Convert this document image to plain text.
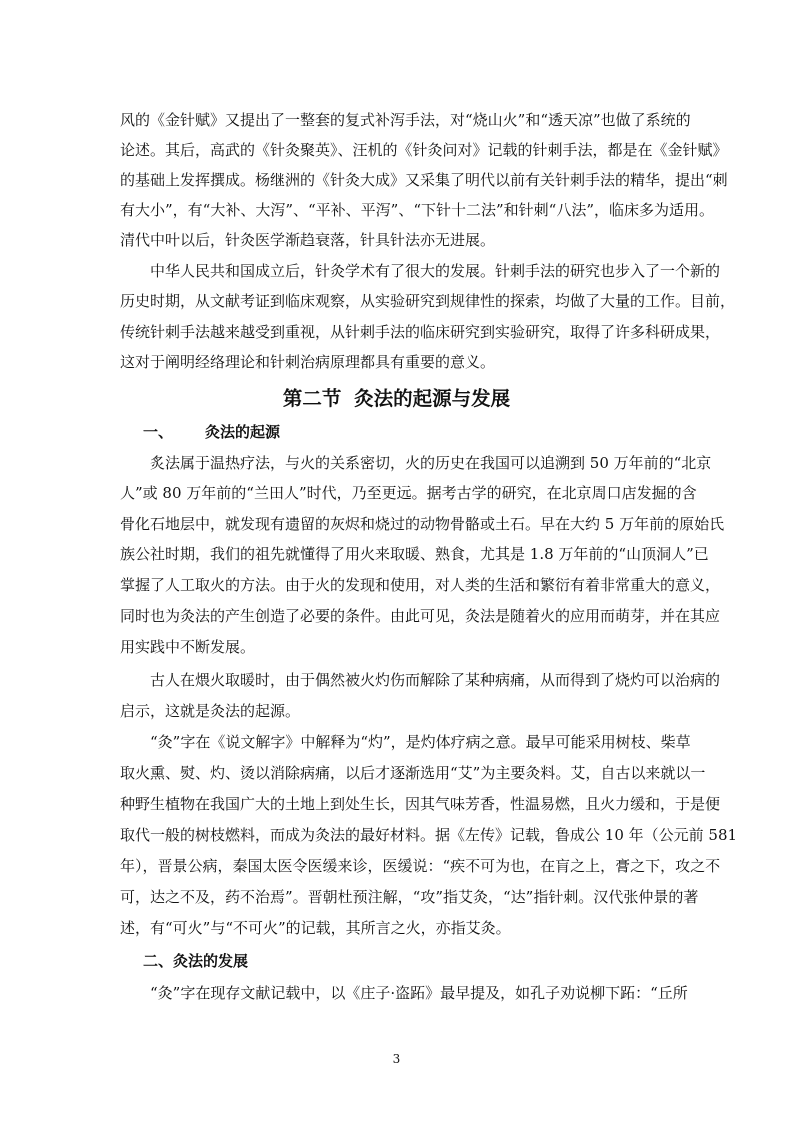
第二节 灸法的起源与发展
一、 灸法的起源
二、灸法的发展
3
风的《金针赋》又提出了一整套的复式补泻手法，对“烧山火”和“透天凉”也做了系统的
论述。其后，高武的《针灸聚英》、汪机的《针灸问对》记载的针刺手法，都是在《金针赋》
的基础上发挥撰成。杨继洲的《针灸大成》又采集了明代以前有关针刺手法的精华，提出“刺
有大小”，有“大补、大泻”、“平补、平泻”、“下针十二法”和针刺“八法”，临床多为适用。
清代中叶以后，针灸医学渐趋衰落，针具针法亦无进展。
中华人民共和国成立后，针灸学术有了很大的发展。针刺手法的研究也步入了一个新的
历史时期，从文献考证到临床观察，从实验研究到规律性的探索，均做了大量的工作。目前，
传统针刺手法越来越受到重视，从针刺手法的临床研究到实验研究，取得了许多科研成果，
这对于阐明经络理论和针刺治病原理都具有重要的意义。
炙法属于温热疗法，与火的关系密切，火的历史在我国可以追溯到 50 万年前的“北京
人”或 80 万年前的“兰田人”时代，乃至更远。据考古学的研究，在北京周口店发掘的含
骨化石地层中，就发现有遗留的灰烬和烧过的动物骨骼或土石。早在大约 5 万年前的原始氏
族公社时期，我们的祖先就懂得了用火来取暖、熟食，尤其是 1.8 万年前的“山顶洞人”已
掌握了人工取火的方法。由于火的发现和使用，对人类的生活和繁衍有着非常重大的意义，
同时也为灸法的产生创造了必要的条件。由此可见，灸法是随着火的应用而萌芽，并在其应
用实践中不断发展。
古人在煨火取暖时，由于偶然被火灼伤而解除了某种病痛，从而得到了烧灼可以治病的
启示，这就是灸法的起源。
“灸”字在《说文解字》中解释为“灼”，是灼体疗病之意。最早可能采用树枝、柴草
取火熏、熨、灼、烫以消除病痛，以后才逐渐选用“艾”为主要灸料。艾，自古以来就以一
种野生植物在我国广大的土地上到处生长，因其气味芳香，性温易燃，且火力缓和，于是便
取代一般的树枝燃料，而成为灸法的最好材料。据《左传》记载，鲁成公 10 年（公元前 581
年），晋景公病，秦国太医令医缓来诊，医缓说：“疾不可为也，在肓之上，膏之下，攻之不
可，达之不及，药不治焉”。晋朝杜预注解，“攻”指艾灸，“达”指针刺。汉代张仲景的著
述，有“可火”与“不可火”的记载，其所言之火，亦指艾灸。
“灸”字在现存文献记载中，以《庄子·盗跖》最早提及，如孔子劝说柳下跖：“丘所
